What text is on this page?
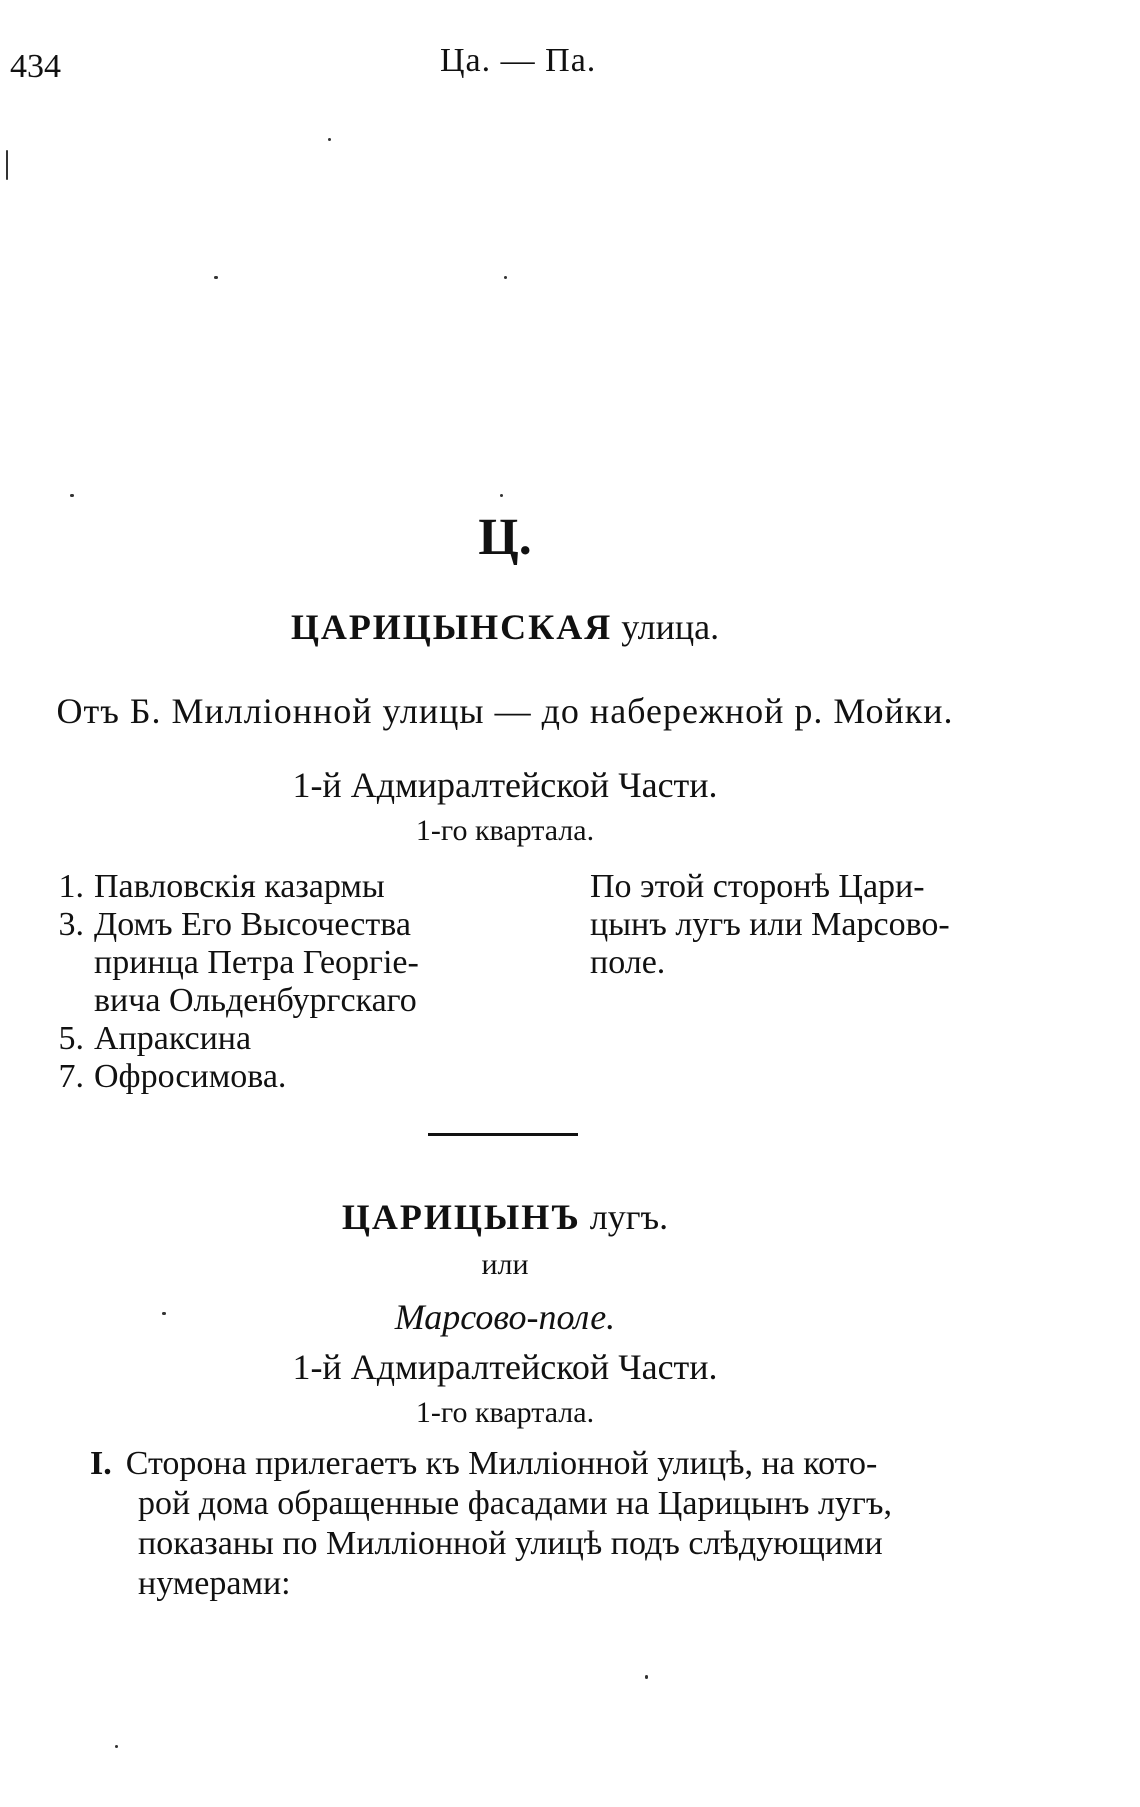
434	Ца. — Па.
Ц.
ЦАРИЦЫНСКАЯ улица.
Отъ Б. Милліонной улицы — до набережной р. Мойки.
1-й Адмиралтейской Части.
1-го квартала.
1. Павловскія казармы
3. Домъ Его Высочества
принца Петра Георгіе-
вича Ольденбургскаго
5. Апраксина
7. Офросимова.
По этой сторонѣ Цари-
цынъ лугъ или Марсово-
поле.
ЦАРИЦЫНЪ лугъ.
или
Марсово-поле.
1-й Адмиралтейской Части.
1-го квартала.
I. Сторона прилегаетъ къ Милліонной улицѣ, на кото-
рой дома обращенные фасадами на Царицынъ лугъ,
показаны по Милліонной улицѣ подъ слѣдующими
нумерами:
